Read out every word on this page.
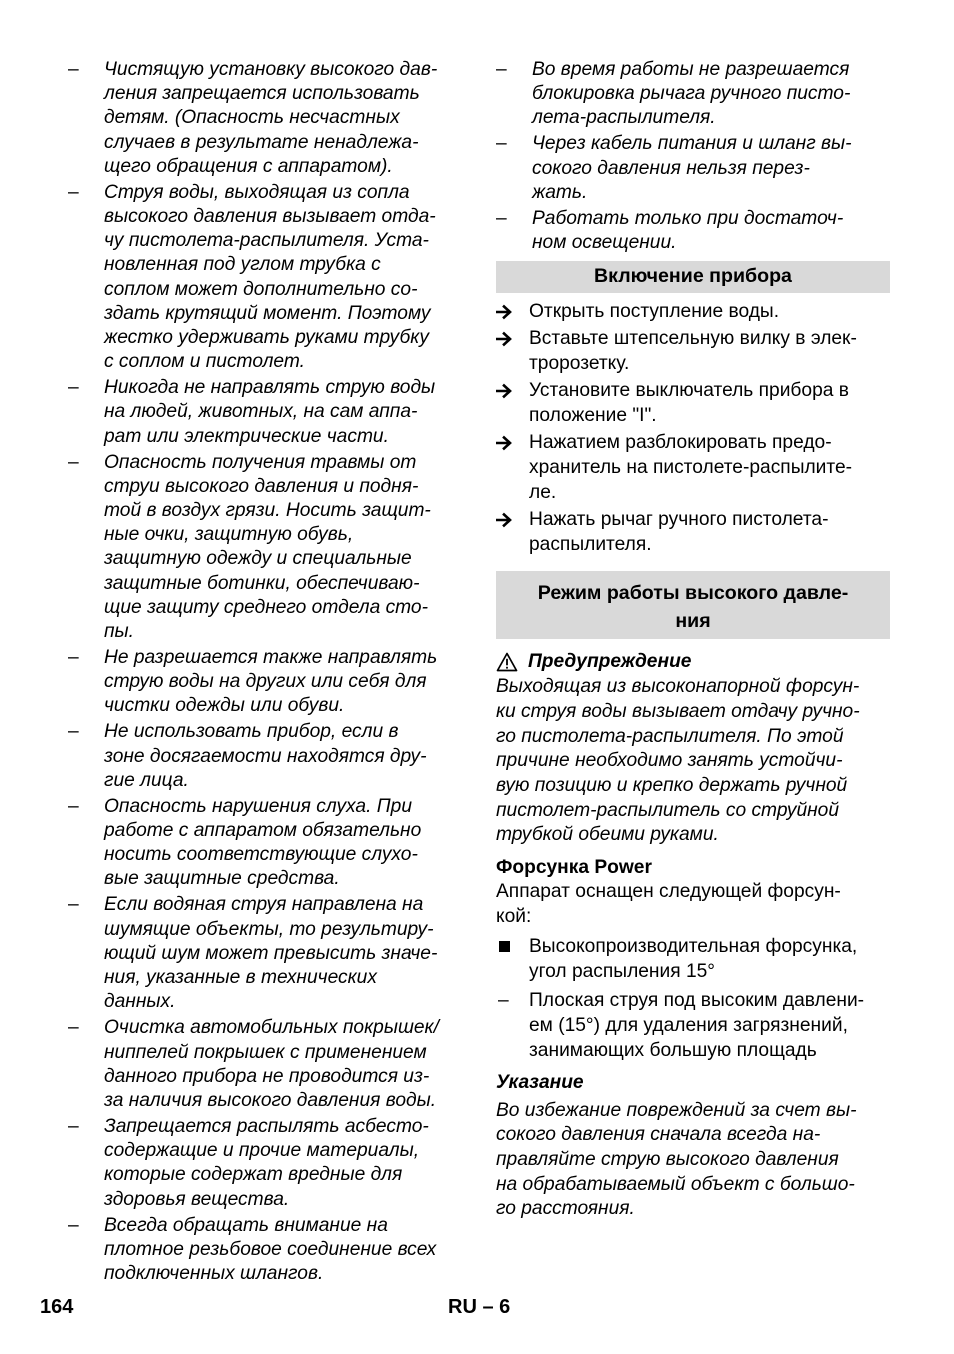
–	Чистящую установку высокого дав-
ления запрещается использовать
детям. (Опасность несчастных
случаев в результате ненадлежа-
щего обращения с аппаратом).
–	Струя воды, выходящая из сопла
высокого давления вызывает отда-
чу пистолета-распылителя. Уста-
новленная под углом трубка с
соплом может дополнительно со-
здать крутящий момент. Поэтому
жестко удерживать руками трубку
с соплом и пистолет.
–	Никогда не направлять струю воды
на людей, животных, на сам аппа-
рат или электрические части.
–	Опасность получения травмы от
струи высокого давления и подня-
той в воздух грязи. Носить защит-
ные очки, защитную обувь,
защитную одежду и специальные
защитные ботинки, обеспечиваю-
щие защиту среднего отдела сто-
пы.
–	Не разрешается также направлять
струю воды на других или себя для
чистки одежды или обуви.
–	Не использовать прибор, если в
зоне досягаемости находятся дру-
гие лица.
–	Опасность нарушения слуха. При
работе с аппаратом обязательно
носить соответствующие слухо-
вые защитные средства.
–	Если водяная струя направлена на
шумящие объекты, то результиру-
ющий шум может превысить значе-
ния, указанные в технических
данных.
–	Очистка автомобильных покрышек/
ниппелей покрышек с применением
данного прибора не проводится из-
за наличия высокого давления воды.
–	Запрещается распылять асбесто-
содержащие и прочие материалы,
которые содержат вредные для
здоровья вещества.
–	Всегда обращать внимание на
плотное резьбовое соединение всех
подключенных шлангов.
–	Во время работы не разрешается
блокировка рычага ручного писто-
лета-распылителя.
–	Через кабель питания и шланг вы-
сокого давления нельзя перез-
жать.
–	Работать только при достаточ-
ном освещении.
Включение прибора
Открыть поступление воды.
Вставьте штепсельную вилку в элек-
тророзетку.
Установите выключатель прибора в
положение "I".
Нажатием разблокировать предо-
хранитель на пистолете-распылите-
ле.
Нажать рычаг ручного пистолета-
распылителя.
Режим работы высокого давле-
ния
Предупреждение
Выходящая из высоконапорной форсун-
ки струя воды вызывает отдачу ручно-
го пистолета-распылителя. По этой
причине необходимо занять устойчи-
вую позицию и крепко держать ручной
пистолет-распылитель со струйной
трубкой обеими руками.
Форсунка Power
Аппарат оснащен следующей форсун-
кой:
Высокопроизводительная форсунка,
угол распыления 15°
– Плоская струя под высоким давлени-
ем (15°) для удаления загрязнений,
занимающих большую площадь
Указание
Во избежание повреждений за счет вы-
сокого давления сначала всегда на-
правляйте струю высокого давления
на обрабатываемый объект с большо-
го расстояния.
164	RU – 6
